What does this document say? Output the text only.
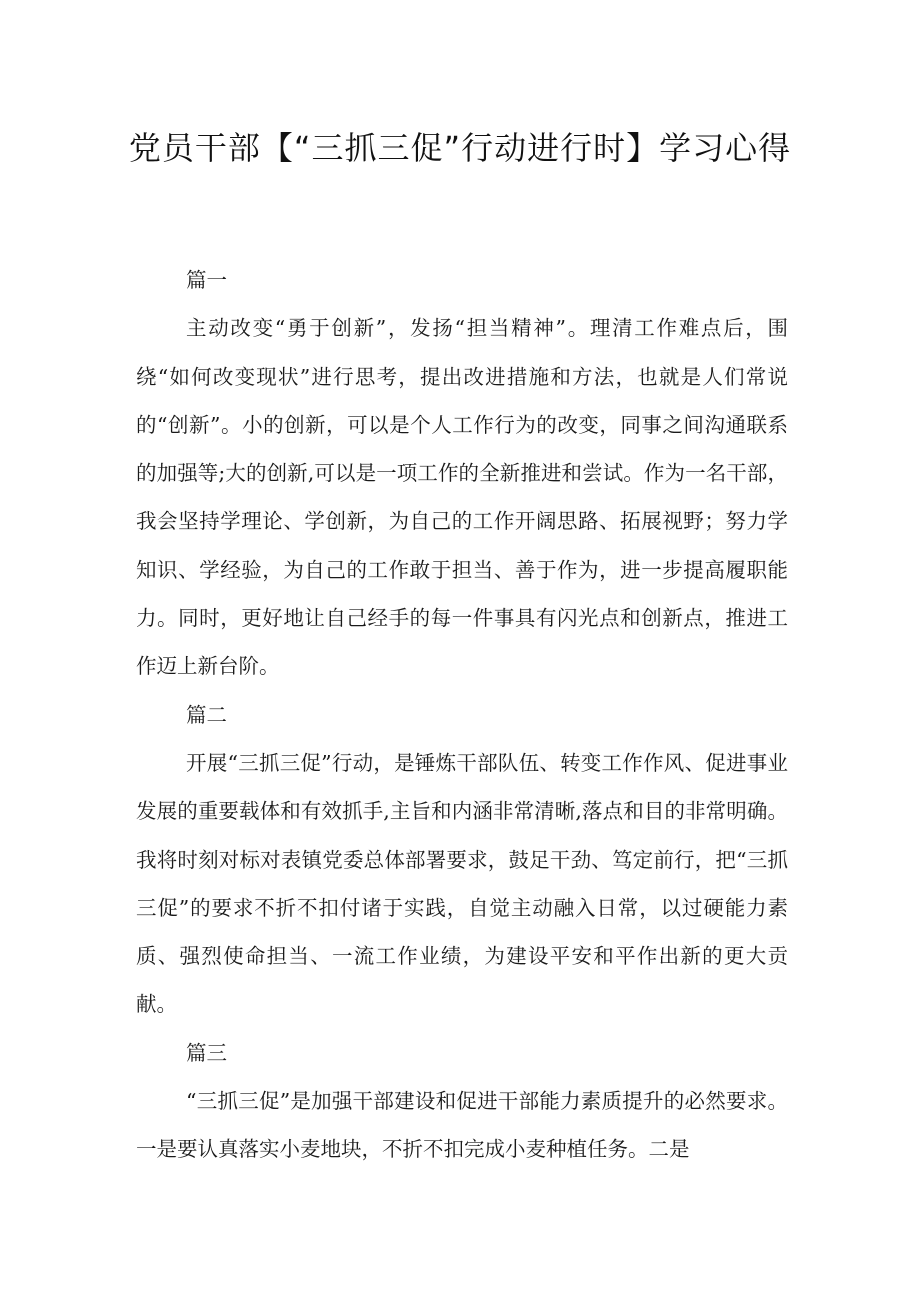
党员干部【“三抓三促”行动进行时】学习心得

篇一

主动改变“勇于创新”，发扬“担当精神”。理清工作难点后，围绕“如何改变现状”进行思考，提出改进措施和方法，也就是人们常说的“创新”。小的创新，可以是个人工作行为的改变，同事之间沟通联系的加强等;大的创新,可以是一项工作的全新推进和尝试。作为一名干部，我会坚持学理论、学创新，为自己的工作开阔思路、拓展视野；努力学知识、学经验，为自己的工作敢于担当、善于作为，进一步提高履职能力。同时，更好地让自己经手的每一件事具有闪光点和创新点，推进工作迈上新台阶。

篇二

开展“三抓三促”行动，是锤炼干部队伍、转变工作作风、促进事业发展的重要载体和有效抓手,主旨和内涵非常清晰,落点和目的非常明确。我将时刻对标对表镇党委总体部署要求，鼓足干劲、笃定前行，把“三抓三促”的要求不折不扣付诸于实践，自觉主动融入日常，以过硬能力素质、强烈使命担当、一流工作业绩，为建设平安和平作出新的更大贡献。

篇三

“三抓三促”是加强干部建设和促进干部能力素质提升的必然要求。一是要认真落实小麦地块，不折不扣完成小麦种植任务。二是
